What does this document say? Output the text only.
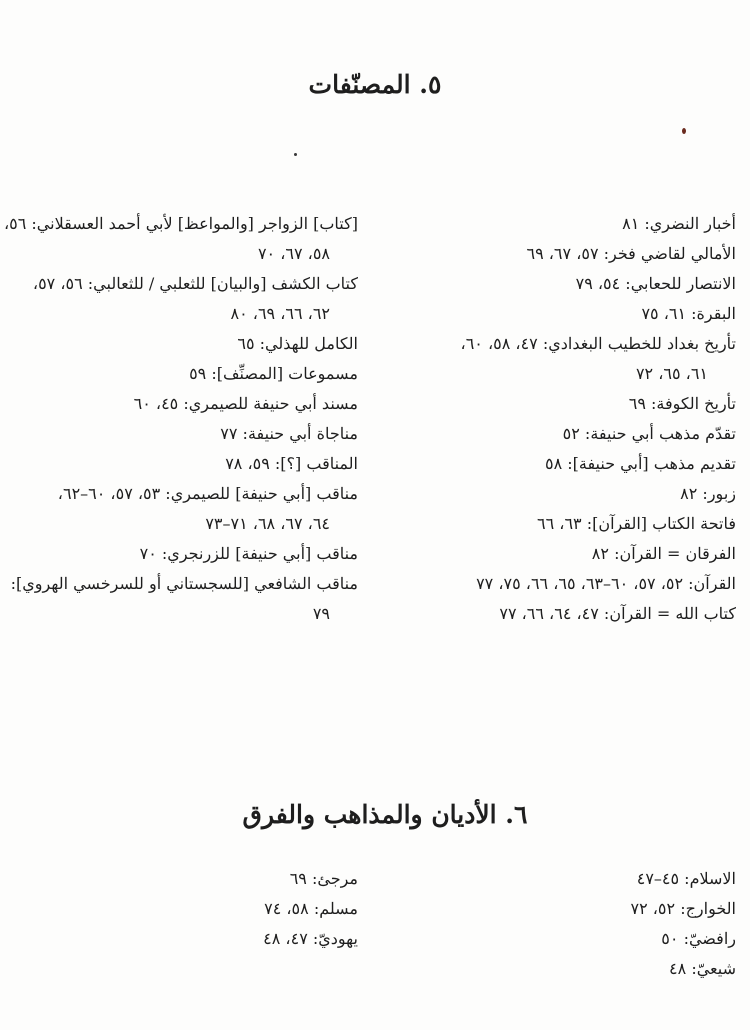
٥. المصنّفات
أخبار النضري: ٨١
الأمالي لقاضي فخر: ٥٧، ٦٧، ٦٩
الانتصار للحعابي: ٥٤، ٧٩
البقرة: ٦١، ٧٥
تأريخ بغداد للخطيب البغدادي: ٤٧، ٥٨، ٦٠،
٦١، ٦٥، ٧٢
تأريخ الكوفة: ٦٩
تقدّم مذهب أبي حنيفة: ٥٢
تقديم مذهب [أبي حنيفة]: ٥٨
زبور: ٨٢
فاتحة الكتاب [القرآن]: ٦٣، ٦٦
الفرقان = القرآن: ٨٢
القرآن: ٥٢، ٥٧، ٦٠–٦٣، ٦٥، ٦٦، ٧٥، ٧٧
كتاب الله = القرآن: ٤٧، ٦٤، ٦٦، ٧٧
[كتاب] الزواجر [والمواعظ] لأبي أحمد العسقلاني: ٥٦،
٥٨، ٦٧، ٧٠
كتاب الكشف [والبيان] للثعلبي / للثعالبي: ٥٦، ٥٧،
٦٢، ٦٦، ٦٩، ٨٠
الكامل للهذلي: ٦٥
مسموعات [المصنِّف]: ٥٩
مسند أبي حنيفة للصيمري: ٤٥، ٦٠
مناجاة أبي حنيفة: ٧٧
المناقب [؟]: ٥٩، ٧٨
مناقب [أبي حنيفة] للصيمري: ٥٣، ٥٧، ٦٠–٦٢،
٦٤، ٦٧، ٦٨، ٧١–٧٣
مناقب [أبي حنيفة] للزرنجري: ٧٠
مناقب الشافعي [للسجستاني أو للسرخسي الهروي]:
٧٩
٦. الأديان والمذاهب والفرق
الاسلام: ٤٥–٤٧
الخوارج: ٥٢، ٧٢
رافضيّ: ٥٠
شيعيّ: ٤٨
مرجئ: ٦٩
مسلم: ٥٨، ٧٤
يهوديّ: ٤٧، ٤٨
